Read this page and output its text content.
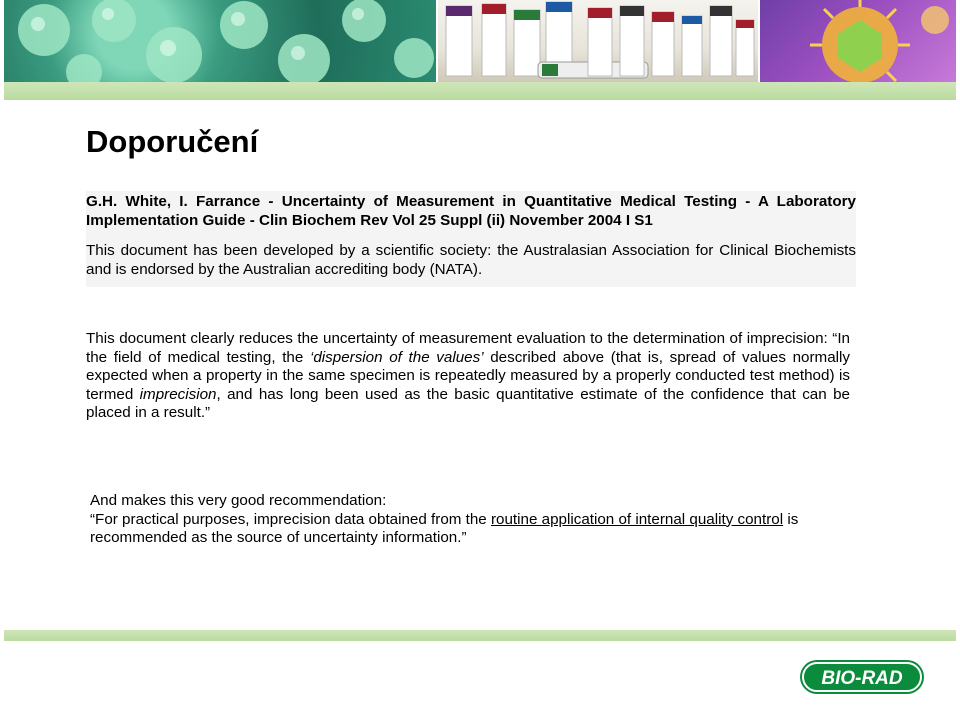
Doporučení

G.H. White, I. Farrance - Uncertainty of Measurement in Quantitative Medical Testing - A Laboratory Implementation Guide - Clin Biochem Rev Vol 25 Suppl (ii) November 2004 I S1

This document has been developed by a scientific society: the Australasian Association for Clinical Biochemists and is endorsed by the Australian accrediting body (NATA).

This document clearly reduces the uncertainty of measurement evaluation to the determination of imprecision: “In the field of medical testing, the ‘dispersion of the values’ described above (that is, spread of values normally expected when a property in the same specimen is repeatedly measured by a properly conducted test method) is termed imprecision, and has long been used as the basic quantitative estimate of the confidence that can be placed in a result.”

And makes this very good recommendation:

“For practical purposes, imprecision data obtained from the routine application of internal quality control is recommended as the source of uncertainty information.”

BIO-RAD
